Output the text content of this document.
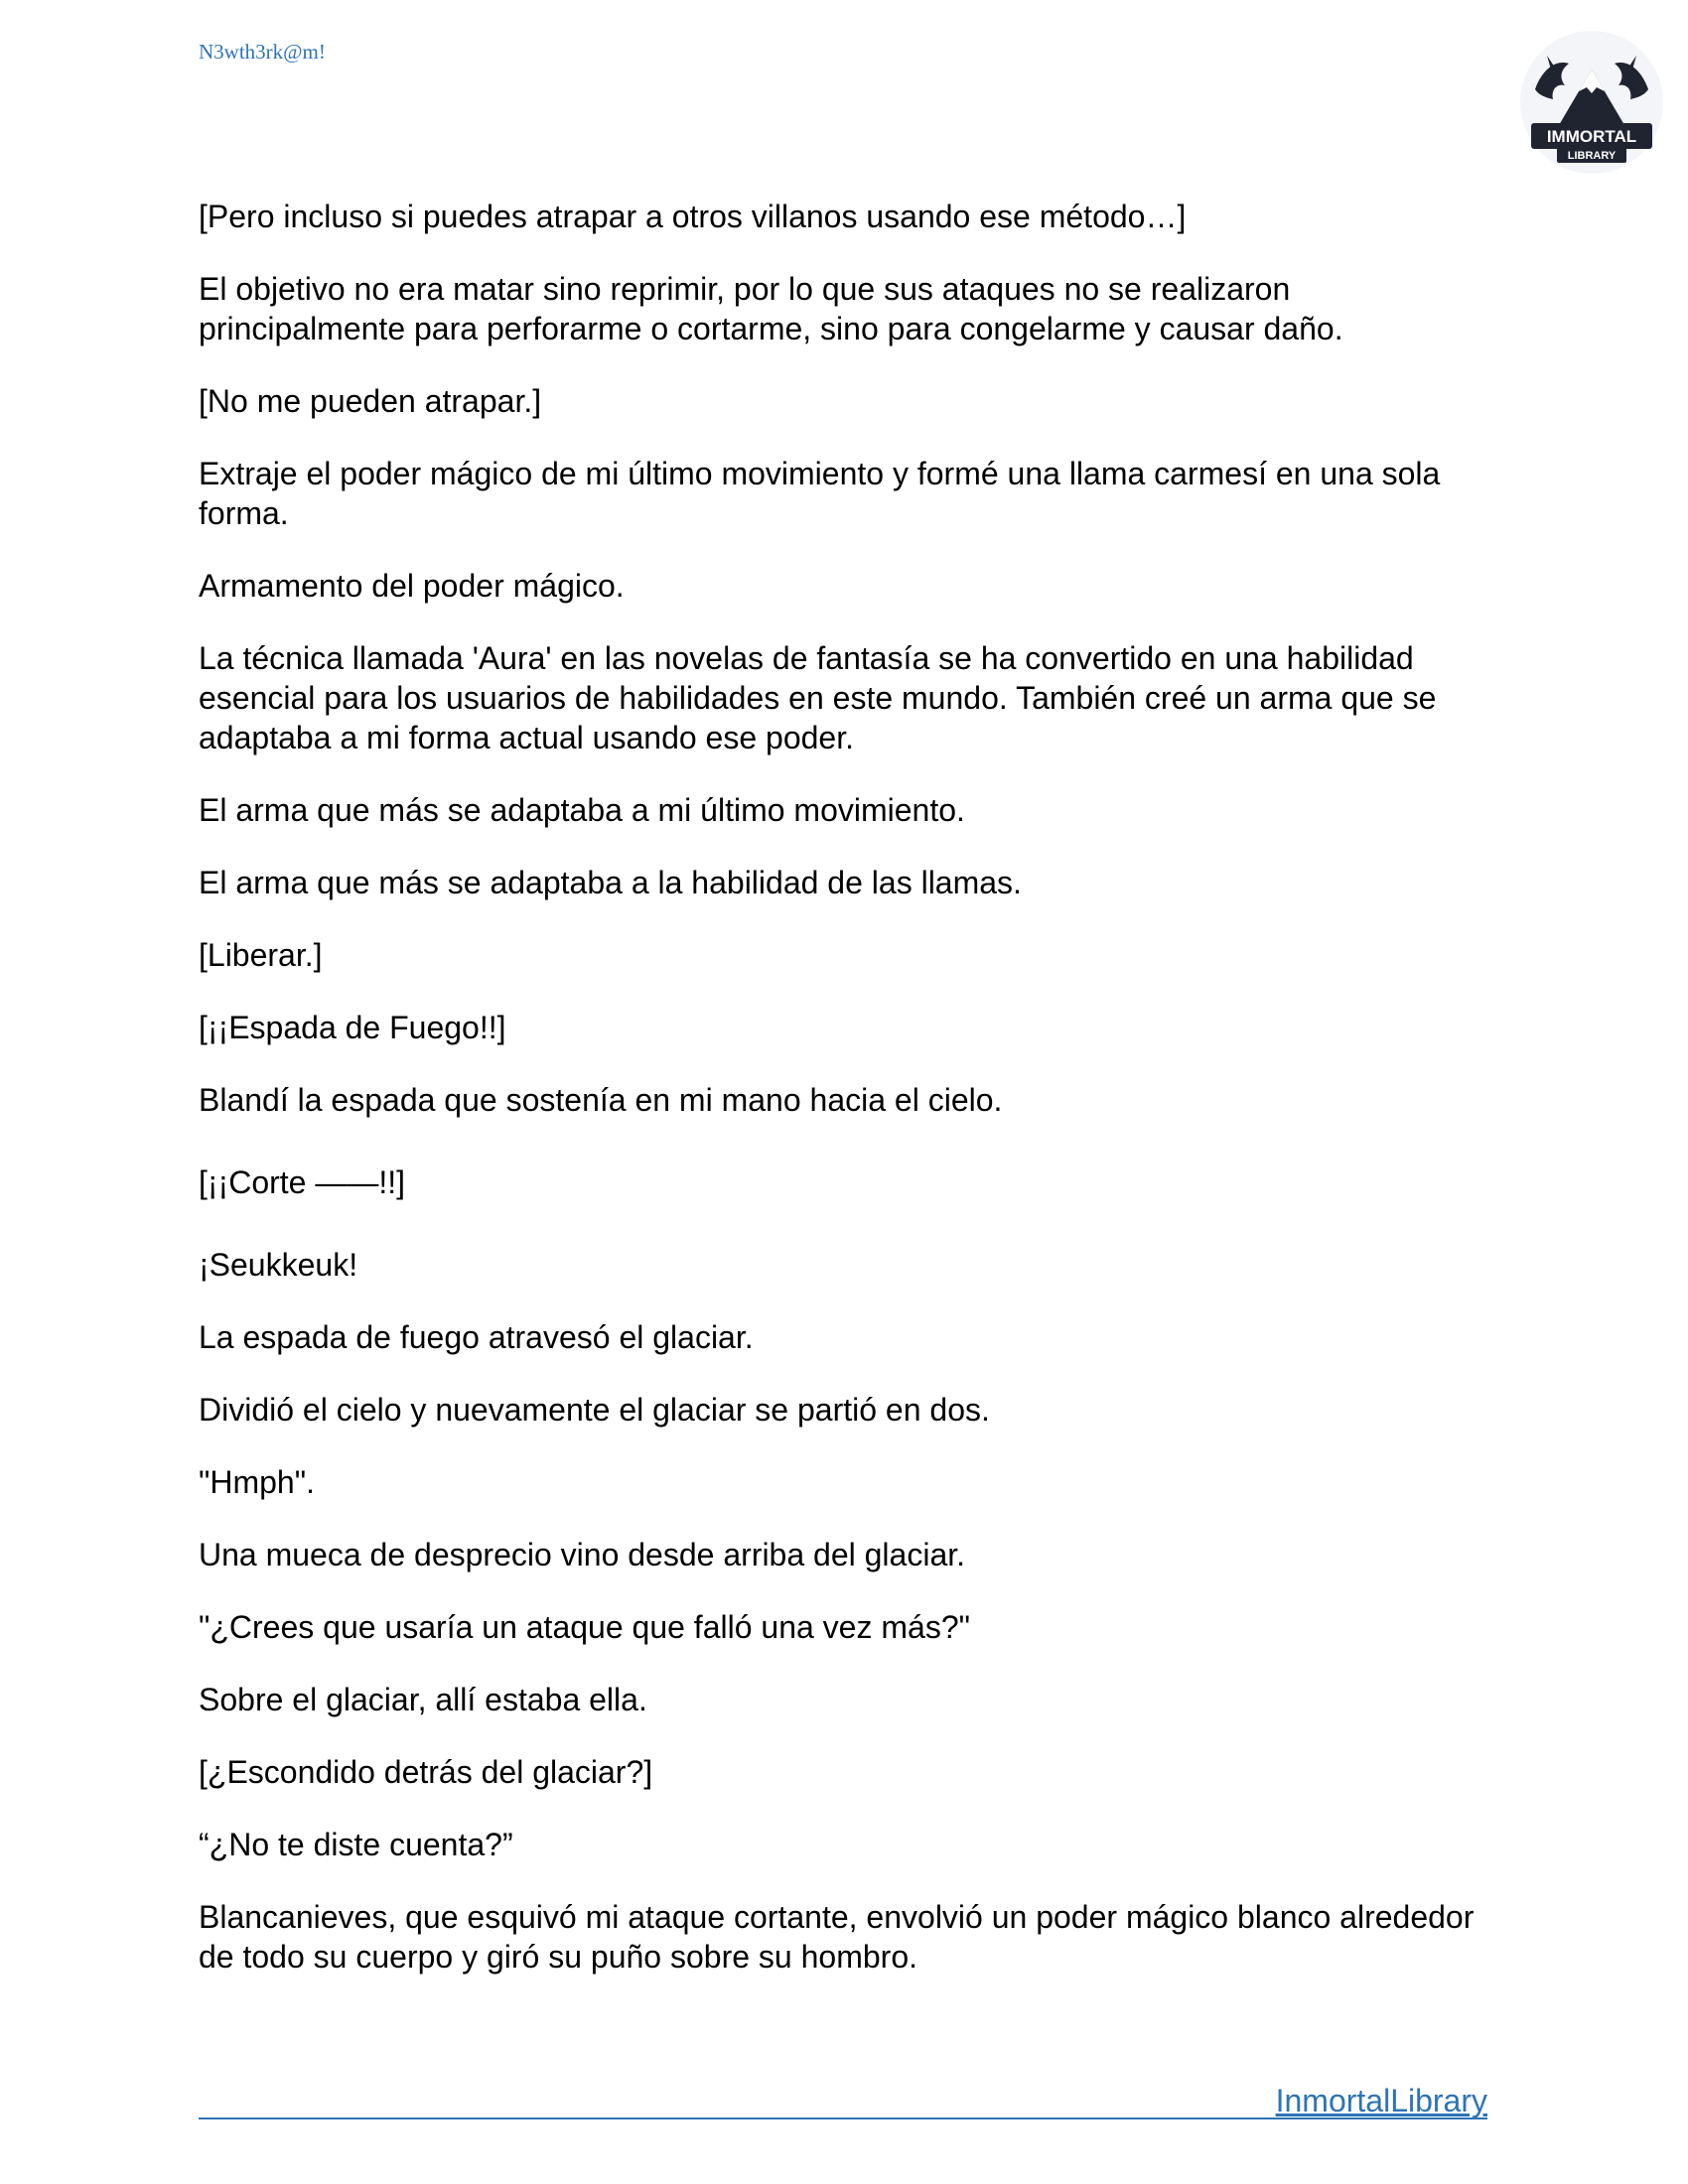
N3wth3rk@m!
IMMORTAL
LIBRARY

[Pero incluso si puedes atrapar a otros villanos usando ese método…]

El objetivo no era matar sino reprimir, por lo que sus ataques no se realizaron principalmente para perforarme o cortarme, sino para congelarme y causar daño.

[No me pueden atrapar.]

Extraje el poder mágico de mi último movimiento y formé una llama carmesí en una sola forma.

Armamento del poder mágico.

La técnica llamada 'Aura' en las novelas de fantasía se ha convertido en una habilidad esencial para los usuarios de habilidades en este mundo. También creé un arma que se adaptaba a mi forma actual usando ese poder.

El arma que más se adaptaba a mi último movimiento.

El arma que más se adaptaba a la habilidad de las llamas.

[Liberar.]

[¡¡Espada de Fuego!!]

Blandí la espada que sostenía en mi mano hacia el cielo.

[¡¡Corte ——!!]

¡Seukkeuk!

La espada de fuego atravesó el glaciar.

Dividió el cielo y nuevamente el glaciar se partió en dos.

"Hmph".

Una mueca de desprecio vino desde arriba del glaciar.

"¿Crees que usaría un ataque que falló una vez más?"

Sobre el glaciar, allí estaba ella.

[¿Escondido detrás del glaciar?]

“¿No te diste cuenta?”

Blancanieves, que esquivó mi ataque cortante, envolvió un poder mágico blanco alrededor de todo su cuerpo y giró su puño sobre su hombro.

InmortalLibrary
